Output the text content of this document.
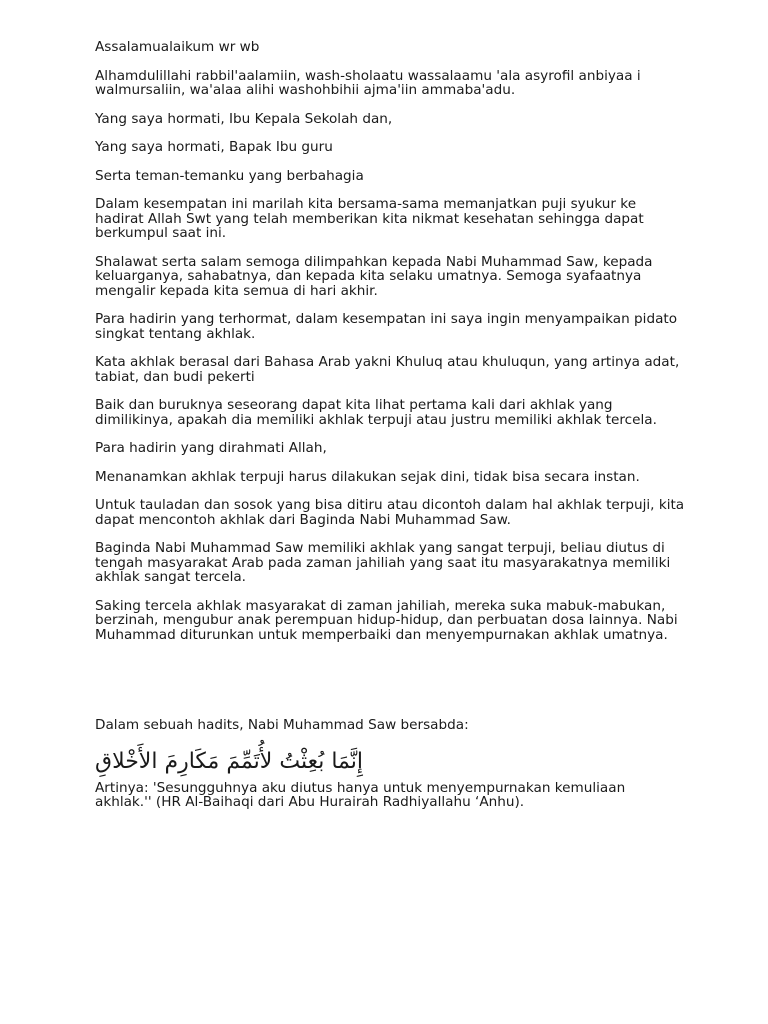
Assalamualaikum wr wb

Alhamdulillahi rabbil'aalamiin, wash-sholaatu wassalaamu 'ala asyrofil anbiyaa i walmursaliin, wa'alaa alihi washohbihii ajma'iin ammaba'adu.

Yang saya hormati, Ibu Kepala Sekolah dan,

Yang saya hormati, Bapak Ibu guru

Serta teman-temanku yang berbahagia

Dalam kesempatan ini marilah kita bersama-sama memanjatkan puji syukur ke hadirat Allah Swt yang telah memberikan kita nikmat kesehatan sehingga dapat berkumpul saat ini.

Shalawat serta salam semoga dilimpahkan kepada Nabi Muhammad Saw, kepada keluarganya, sahabatnya, dan kepada kita selaku umatnya. Semoga syafaatnya mengalir kepada kita semua di hari akhir.

Para hadirin yang terhormat, dalam kesempatan ini saya ingin menyampaikan pidato singkat tentang akhlak.

Kata akhlak berasal dari Bahasa Arab yakni Khuluq atau khuluqun, yang artinya adat, tabiat, dan budi pekerti

Baik dan buruknya seseorang dapat kita lihat pertama kali dari akhlak yang dimilikinya, apakah dia memiliki akhlak terpuji atau justru memiliki akhlak tercela.

Para hadirin yang dirahmati Allah,

Menanamkan akhlak terpuji harus dilakukan sejak dini, tidak bisa secara instan.

Untuk tauladan dan sosok yang bisa ditiru atau dicontoh dalam hal akhlak terpuji, kita dapat mencontoh akhlak dari Baginda Nabi Muhammad Saw.

Baginda Nabi Muhammad Saw memiliki akhlak yang sangat terpuji, beliau diutus di tengah masyarakat Arab pada zaman jahiliah yang saat itu masyarakatnya memiliki akhlak sangat tercela.

Saking tercela akhlak masyarakat di zaman jahiliah, mereka suka mabuk-mabukan, berzinah, mengubur anak perempuan hidup-hidup, dan perbuatan dosa lainnya. Nabi Muhammad diturunkan untuk memperbaiki dan menyempurnakan akhlak umatnya.

Dalam sebuah hadits, Nabi Muhammad Saw bersabda:

إِنَّمَا بُعِثْتُ لأُتَمِّمَ مَكَارِمَ الأَخْلاقِ

Artinya: 'Sesungguhnya aku diutus hanya untuk menyempurnakan kemuliaan akhlak.'' (HR Al-Baihaqi dari Abu Hurairah Radhiyallahu ‘Anhu).
